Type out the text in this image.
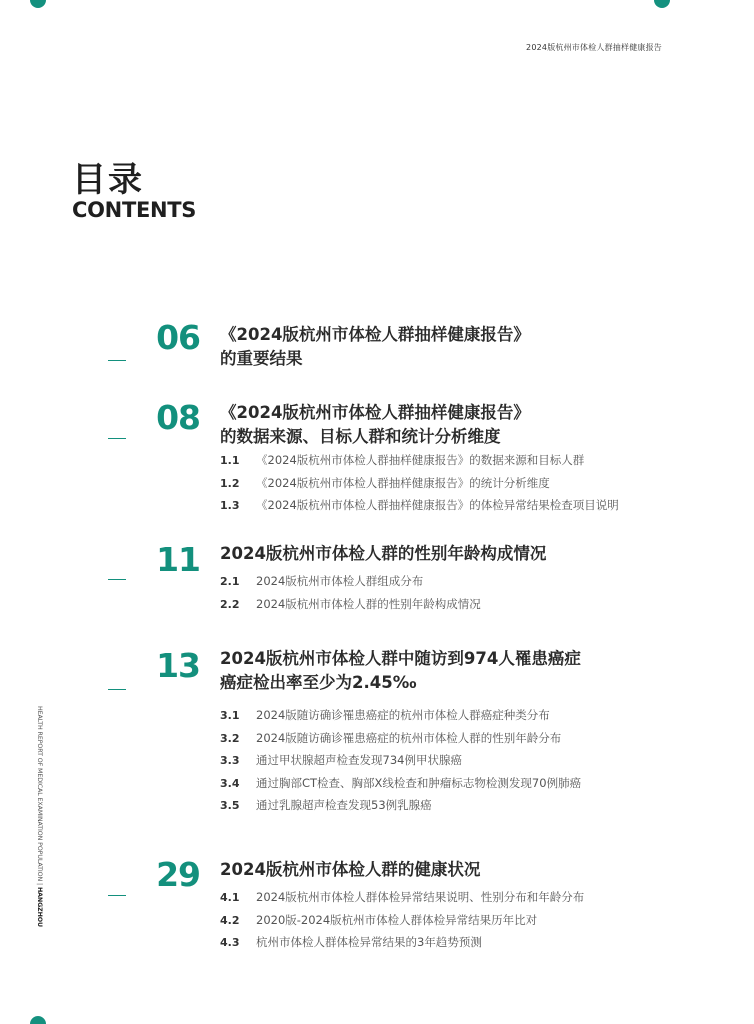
2024版杭州市体检人群抽样健康报告
目录
CONTENTS
HEALTH REPORT OF MEDICAL EXAMINATION POPULATION | HANGZHOU
06 《2024版杭州市体检人群抽样健康报告》
的重要结果
08 《2024版杭州市体检人群抽样健康报告》
的数据来源、目标人群和统计分析维度
1.1 《2024版杭州市体检人群抽样健康报告》的数据来源和目标人群
1.2 《2024版杭州市体检人群抽样健康报告》的统计分析维度
1.3 《2024版杭州市体检人群抽样健康报告》的体检异常结果检查项目说明
11 2024版杭州市体检人群的性别年龄构成情况
2.1 2024版杭州市体检人群组成分布
2.2 2024版杭州市体检人群的性别年龄构成情况
13 2024版杭州市体检人群中随访到974人罹患癌症
癌症检出率至少为2.45‰
3.1 2024版随访确诊罹患癌症的杭州市体检人群癌症种类分布
3.2 2024版随访确诊罹患癌症的杭州市体检人群的性别年龄分布
3.3 通过甲状腺超声检查发现734例甲状腺癌
3.4 通过胸部CT检查、胸部X线检查和肿瘤标志物检测发现70例肺癌
3.5 通过乳腺超声检查发现53例乳腺癌
29 2024版杭州市体检人群的健康状况
4.1 2024版杭州市体检人群体检异常结果说明、性别分布和年龄分布
4.2 2020版-2024版杭州市体检人群体检异常结果历年比对
4.3 杭州市体检人群体检异常结果的3年趋势预测
